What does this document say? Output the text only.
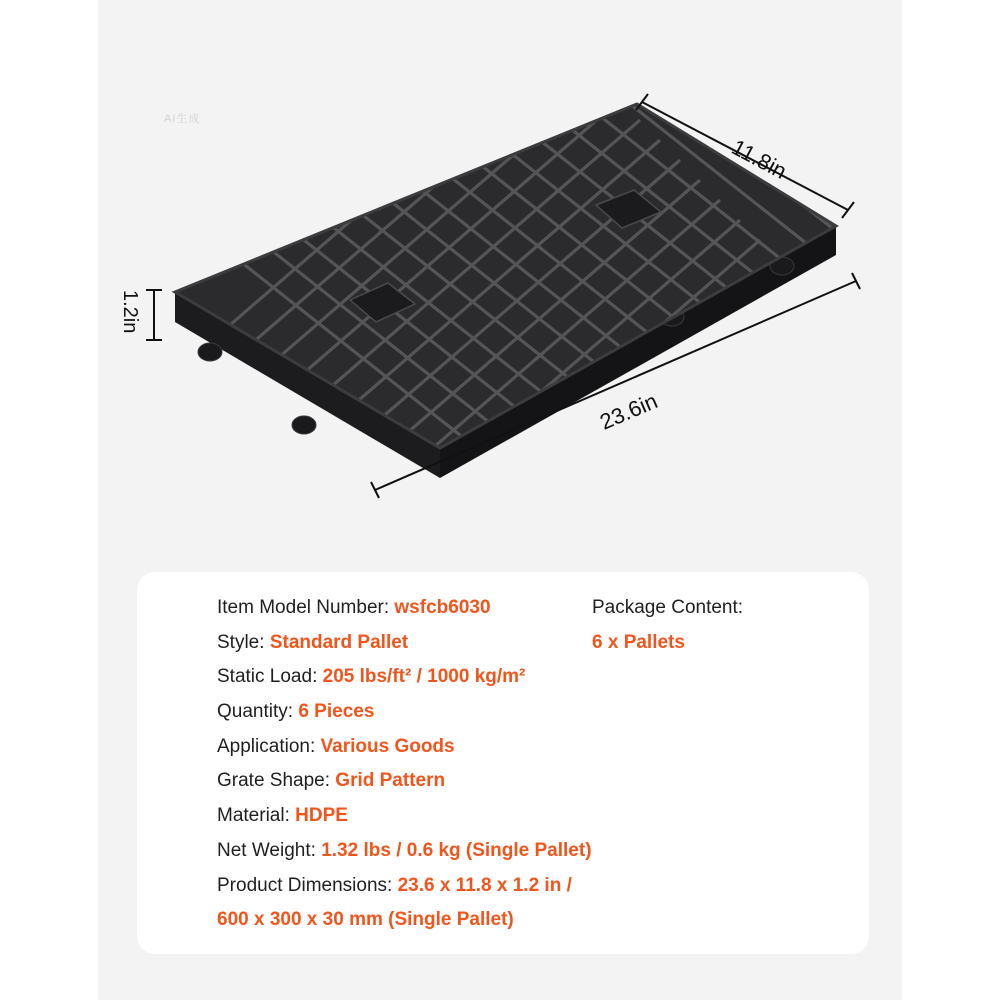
AI生成
11.8in
23.6in
1.2in
Item Model Number: wsfcb6030
Style: Standard Pallet
Static Load: 205 lbs/ft² / 1000 kg/m²
Quantity: 6 Pieces
Application: Various Goods
Grate Shape: Grid Pattern
Material: HDPE
Net Weight: 1.32 lbs / 0.6 kg (Single Pallet)
Product Dimensions: 23.6 x 11.8 x 1.2 in /
600 x 300 x 30 mm (Single Pallet)
Package Content:
6 x Pallets
